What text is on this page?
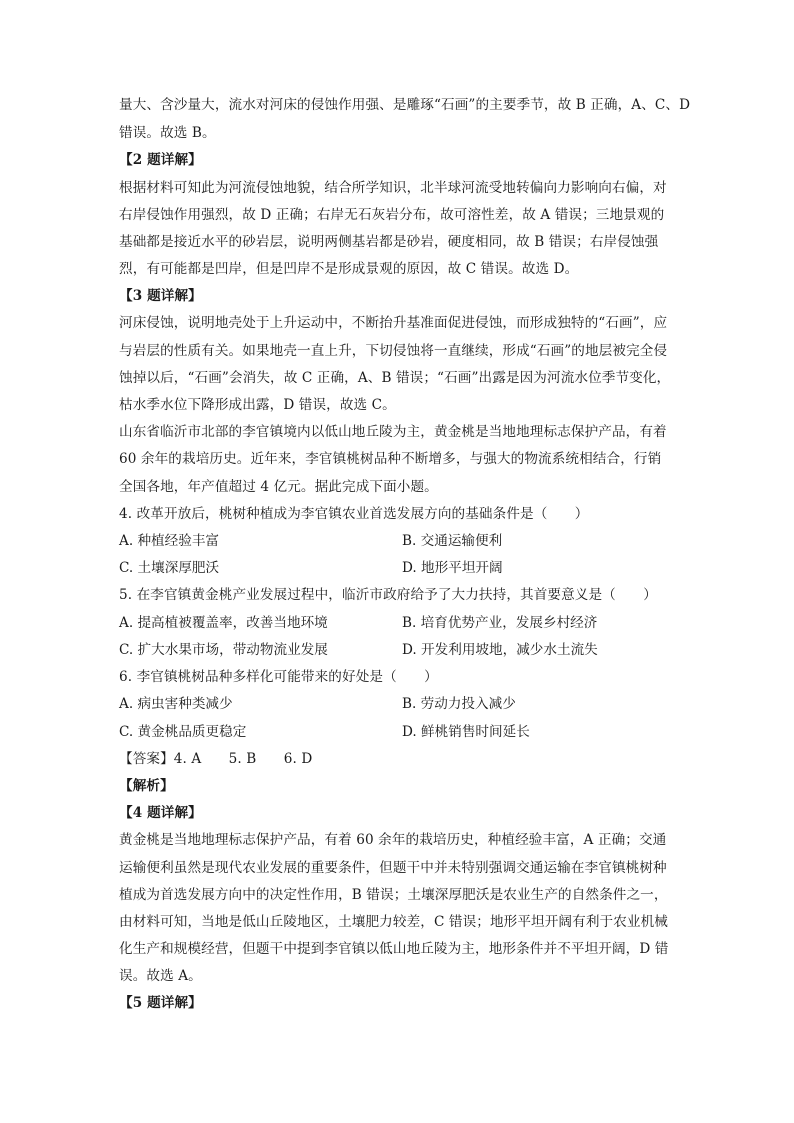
量大、含沙量大，流水对河床的侵蚀作用强、是雕琢“石画”的主要季节，故 B 正确，A、C、D
错误。故选 B。
【2 题详解】
根据材料可知此为河流侵蚀地貌，结合所学知识，北半球河流受地转偏向力影响向右偏，对
右岸侵蚀作用强烈，故 D 正确；右岸无石灰岩分布，故可溶性差，故 A 错误；三地景观的
基础都是接近水平的砂岩层，说明两侧基岩都是砂岩，硬度相同，故 B 错误；右岸侵蚀强
烈，有可能都是凹岸，但是凹岸不是形成景观的原因，故 C 错误。故选 D。
【3 题详解】
河床侵蚀，说明地壳处于上升运动中，不断抬升基准面促进侵蚀，而形成独特的“石画”，应
与岩层的性质有关。如果地壳一直上升，下切侵蚀将一直继续，形成“石画”的地层被完全侵
蚀掉以后，“石画”会消失，故 C 正确，A、B 错误；“石画”出露是因为河流水位季节变化，
枯水季水位下降形成出露，D 错误，故选 C。
山东省临沂市北部的李官镇境内以低山地丘陵为主，黄金桃是当地地理标志保护产品，有着
60 余年的栽培历史。近年来，李官镇桃树品种不断增多，与强大的物流系统相结合，行销
全国各地，年产值超过 4 亿元。据此完成下面小题。
4. 改革开放后，桃树种植成为李官镇农业首选发展方向的基础条件是（　　）
A. 种植经验丰富	B. 交通运输便利
C. 土壤深厚肥沃	D. 地形平坦开阔
5. 在李官镇黄金桃产业发展过程中，临沂市政府给予了大力扶持，其首要意义是（　　）
A. 提高植被覆盖率，改善当地环境	B. 培育优势产业，发展乡村经济
C. 扩大水果市场，带动物流业发展	D. 开发利用坡地，减少水土流失
6. 李官镇桃树品种多样化可能带来的好处是（　　）
A. 病虫害种类减少	B. 劳动力投入减少
C. 黄金桃品质更稳定	D. 鲜桃销售时间延长
【答案】4. A　　5. B　　6. D
【解析】
【4 题详解】
黄金桃是当地地理标志保护产品，有着 60 余年的栽培历史，种植经验丰富，A 正确；交通
运输便利虽然是现代农业发展的重要条件，但题干中并未特别强调交通运输在李官镇桃树种
植成为首选发展方向中的决定性作用，B 错误；土壤深厚肥沃是农业生产的自然条件之一，
由材料可知，当地是低山丘陵地区，土壤肥力较差，C 错误；地形平坦开阔有利于农业机械
化生产和规模经营，但题干中提到李官镇以低山地丘陵为主，地形条件并不平坦开阔，D 错
误。故选 A。
【5 题详解】
